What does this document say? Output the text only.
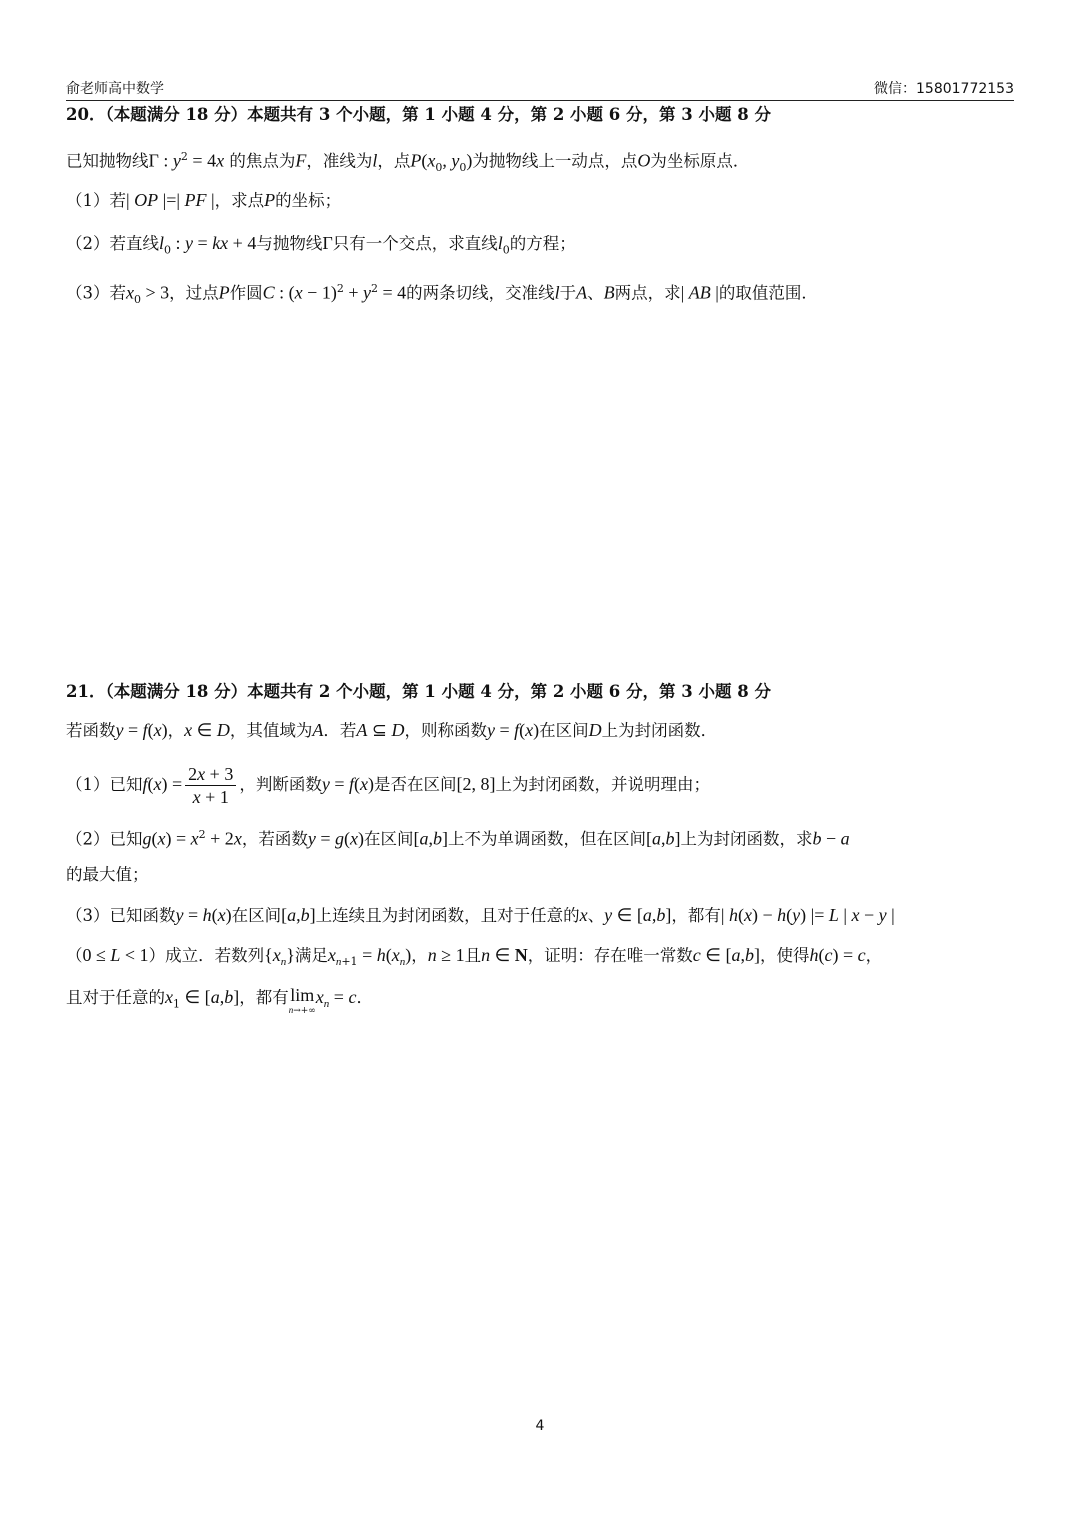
俞老师高中数学	微信：15801772153
20．（本题满分 18 分）本题共有 3 个小题，第 1 小题 4 分，第 2 小题 6 分，第 3 小题 8 分
已知抛物线Γ : $y^2 = 4x$ 的焦点为F，准线为l，点$P(x_0$, $y_0$)为抛物线上一动点，点O为坐标原点．
（1）若| OP |=| PF |，求点P的坐标；
（2）若直线$l_0$ : y = kx + 4与抛物线Γ只有一个交点，求直线$l_0$的方程；
（3）若$x_0 > 3$，过点P作圆C : $(x - 1)^2 + y^2 = 4$的两条切线，交准线l于A、B两点，求| AB |的取值范围．
21．（本题满分 18 分）本题共有 2 个小题，第 1 小题 4 分，第 2 小题 6 分，第 3 小题 8 分
若函数y = f(x)，x ∈ D，其值域为A．若A ⊆ D，则称函数y = f(x)在区间D上为封闭函数．
（1）已知$f(x) = \frac{2x + 3}{x + 1}$ ，判断函数y = f(x)是否在区间[2, 8]上为封闭函数，并说明理由；
（2）已知$g(x) = x^2 + 2x$，若函数y = g(x)在区间[a,b]上不为单调函数，但在区间[a,b]上为封闭函数，求b − a
的最大值；
（3）已知函数y = h(x)在区间[a,b]上连续且为封闭函数，且对于任意的x、y ∈ [a,b]，都有| h(x) − h(y) |= L | x − y |
（0 ≤ L < 1）成立．若数列$\{x_n\}$满足$x_{n+1} = h(x_n)$，n ≥ 1且n ∈ N，证明：存在唯一常数c ∈ [a,b]，使得h(c) = c，
且对于任意的$x_1$ ∈ [a,b]，都有lim
n→+∞
$x_n = c$．
4
